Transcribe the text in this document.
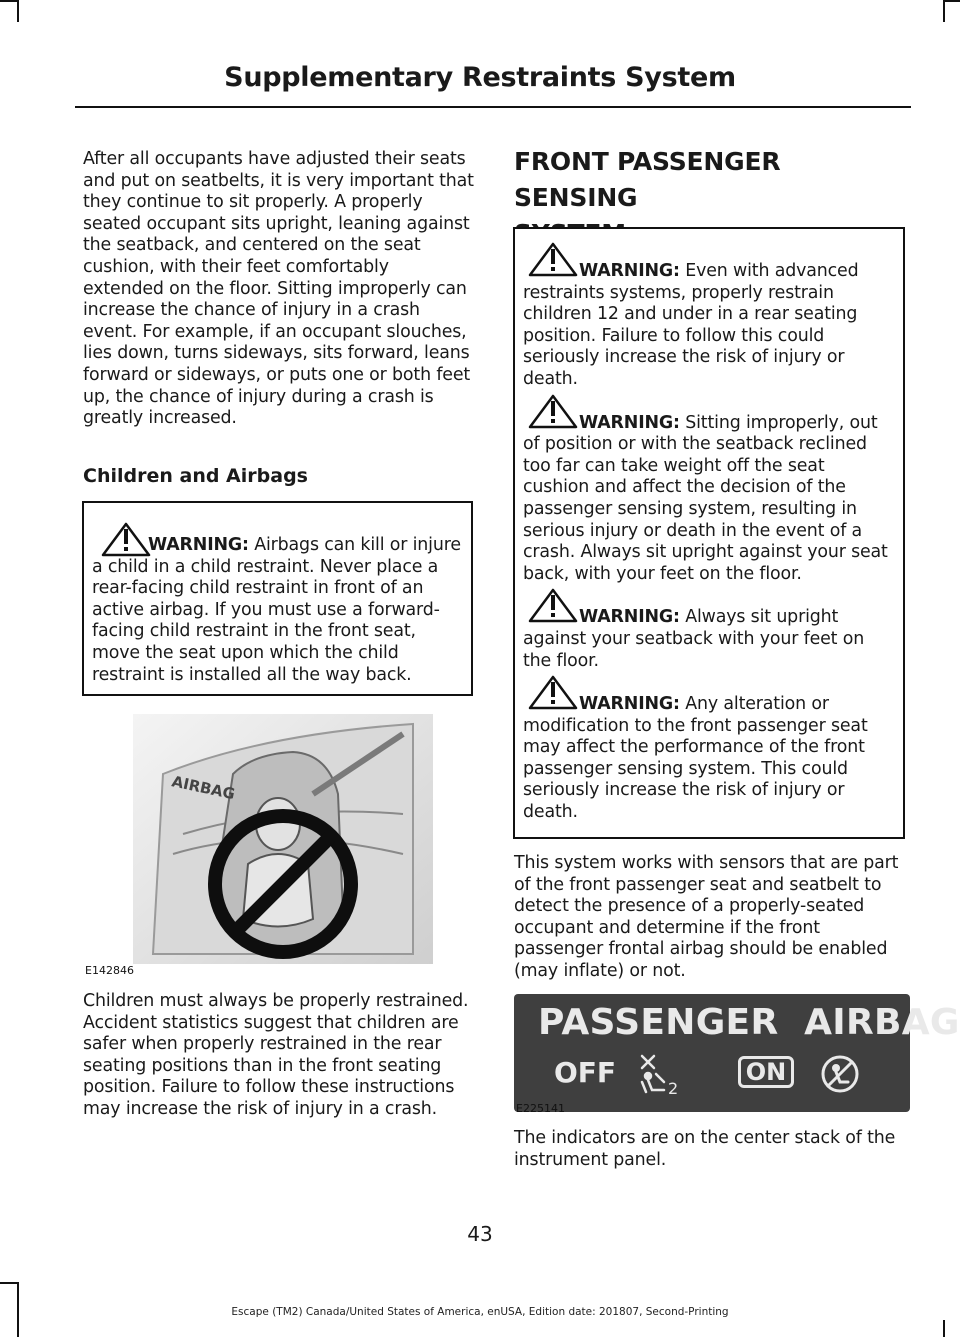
Supplementary Restraints System

After all occupants have adjusted their seats and put on seatbelts, it is very important that they continue to sit properly. A properly seated occupant sits upright, leaning against the seatback, and centered on the seat cushion, with their feet comfortably extended on the floor. Sitting improperly can increase the chance of injury in a crash event. For example, if an occupant slouches, lies down, turns sideways, sits forward, leans forward or sideways, or puts one or both feet up, the chance of injury during a crash is greatly increased.

Children and Airbags

WARNING: Airbags can kill or injure a child in a child restraint. Never place a rear-facing child restraint in front of an active airbag. If you must use a forward-facing child restraint in the front seat, move the seat upon which the child restraint is installed all the way back.

AIRBAG
E142846

Children must always be properly restrained. Accident statistics suggest that children are safer when properly restrained in the rear seating positions than in the front seating position. Failure to follow these instructions may increase the risk of injury in a crash.

FRONT PASSENGER SENSING

WARNING: Even with advanced restraints systems, properly restrain children 12 and under in a rear seating position. Failure to follow this could seriously increase the risk of injury or death.

WARNING: Sitting improperly, out of position or with the seatback reclined too far can take weight off the seat cushion and affect the decision of the passenger sensing system, resulting in serious injury or death in the event of a crash. Always sit upright against your seat back, with your feet on the floor.

WARNING: Always sit upright against your seatback with your feet on the floor.

WARNING: Any alteration or modification to the front passenger seat may affect the performance of the front passenger sensing system. This could seriously increase the risk of injury or death.

This system works with sensors that are part of the front passenger seat and seatbelt to detect the presence of a properly-seated occupant and determine if the front passenger frontal airbag should be enabled (may inflate) or not.

PASSENGER  AIRBAG
OFF	2
ON
E225141

The indicators are on the center stack of the instrument panel.

43
Escape (TM2) Canada/United States of America, enUSA, Edition date: 201807, Second-Printing
